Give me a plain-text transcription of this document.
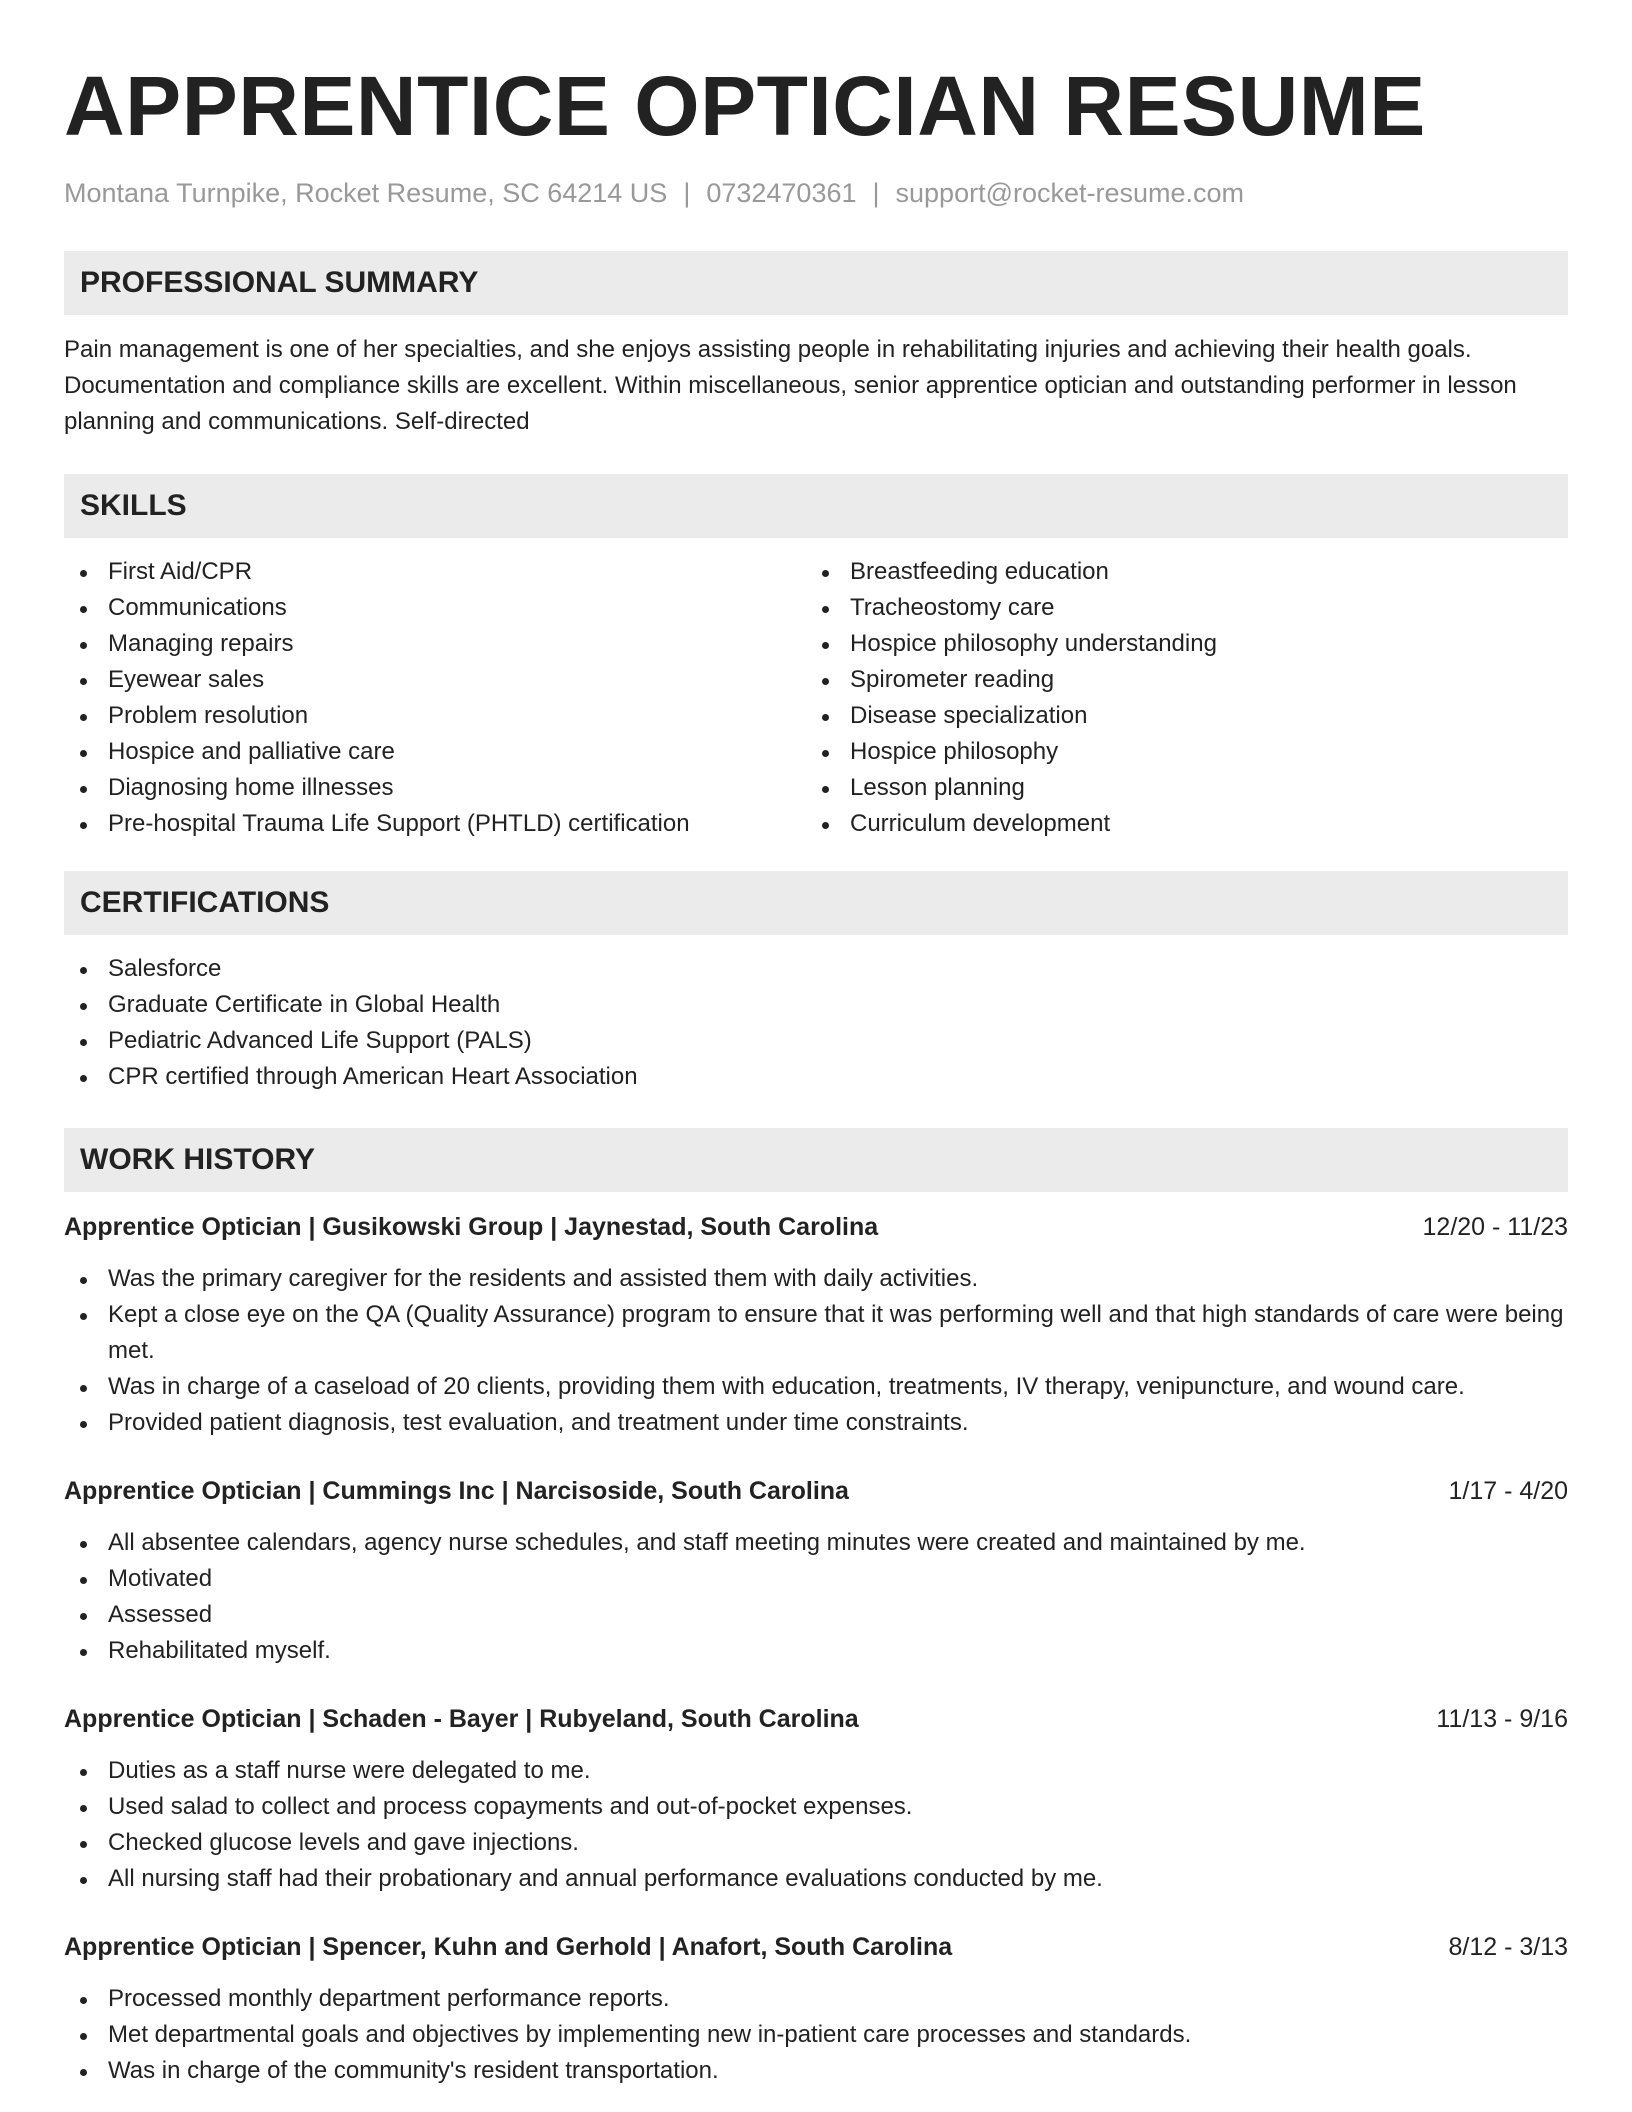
APPRENTICE OPTICIAN RESUME
Montana Turnpike, Rocket Resume, SC 64214 US | 0732470361 | support@rocket-resume.com
PROFESSIONAL SUMMARY
Pain management is one of her specialties, and she enjoys assisting people in rehabilitating injuries and achieving their health goals. Documentation and compliance skills are excellent. Within miscellaneous, senior apprentice optician and outstanding performer in lesson planning and communications. Self-directed
SKILLS
First Aid/CPR
Communications
Managing repairs
Eyewear sales
Problem resolution
Hospice and palliative care
Diagnosing home illnesses
Pre-hospital Trauma Life Support (PHTLD) certification
Breastfeeding education
Tracheostomy care
Hospice philosophy understanding
Spirometer reading
Disease specialization
Hospice philosophy
Lesson planning
Curriculum development
CERTIFICATIONS
Salesforce
Graduate Certificate in Global Health
Pediatric Advanced Life Support (PALS)
CPR certified through American Heart Association
WORK HISTORY
Apprentice Optician | Gusikowski Group | Jaynestad, South Carolina	12/20 - 11/23
Was the primary caregiver for the residents and assisted them with daily activities.
Kept a close eye on the QA (Quality Assurance) program to ensure that it was performing well and that high standards of care were being met.
Was in charge of a caseload of 20 clients, providing them with education, treatments, IV therapy, venipuncture, and wound care.
Provided patient diagnosis, test evaluation, and treatment under time constraints.
Apprentice Optician | Cummings Inc | Narcisoside, South Carolina	1/17 - 4/20
All absentee calendars, agency nurse schedules, and staff meeting minutes were created and maintained by me.
Motivated
Assessed
Rehabilitated myself.
Apprentice Optician | Schaden - Bayer | Rubyeland, South Carolina	11/13 - 9/16
Duties as a staff nurse were delegated to me.
Used salad to collect and process copayments and out-of-pocket expenses.
Checked glucose levels and gave injections.
All nursing staff had their probationary and annual performance evaluations conducted by me.
Apprentice Optician | Spencer, Kuhn and Gerhold | Anafort, South Carolina	8/12 - 3/13
Processed monthly department performance reports.
Met departmental goals and objectives by implementing new in-patient care processes and standards.
Was in charge of the community's resident transportation.
